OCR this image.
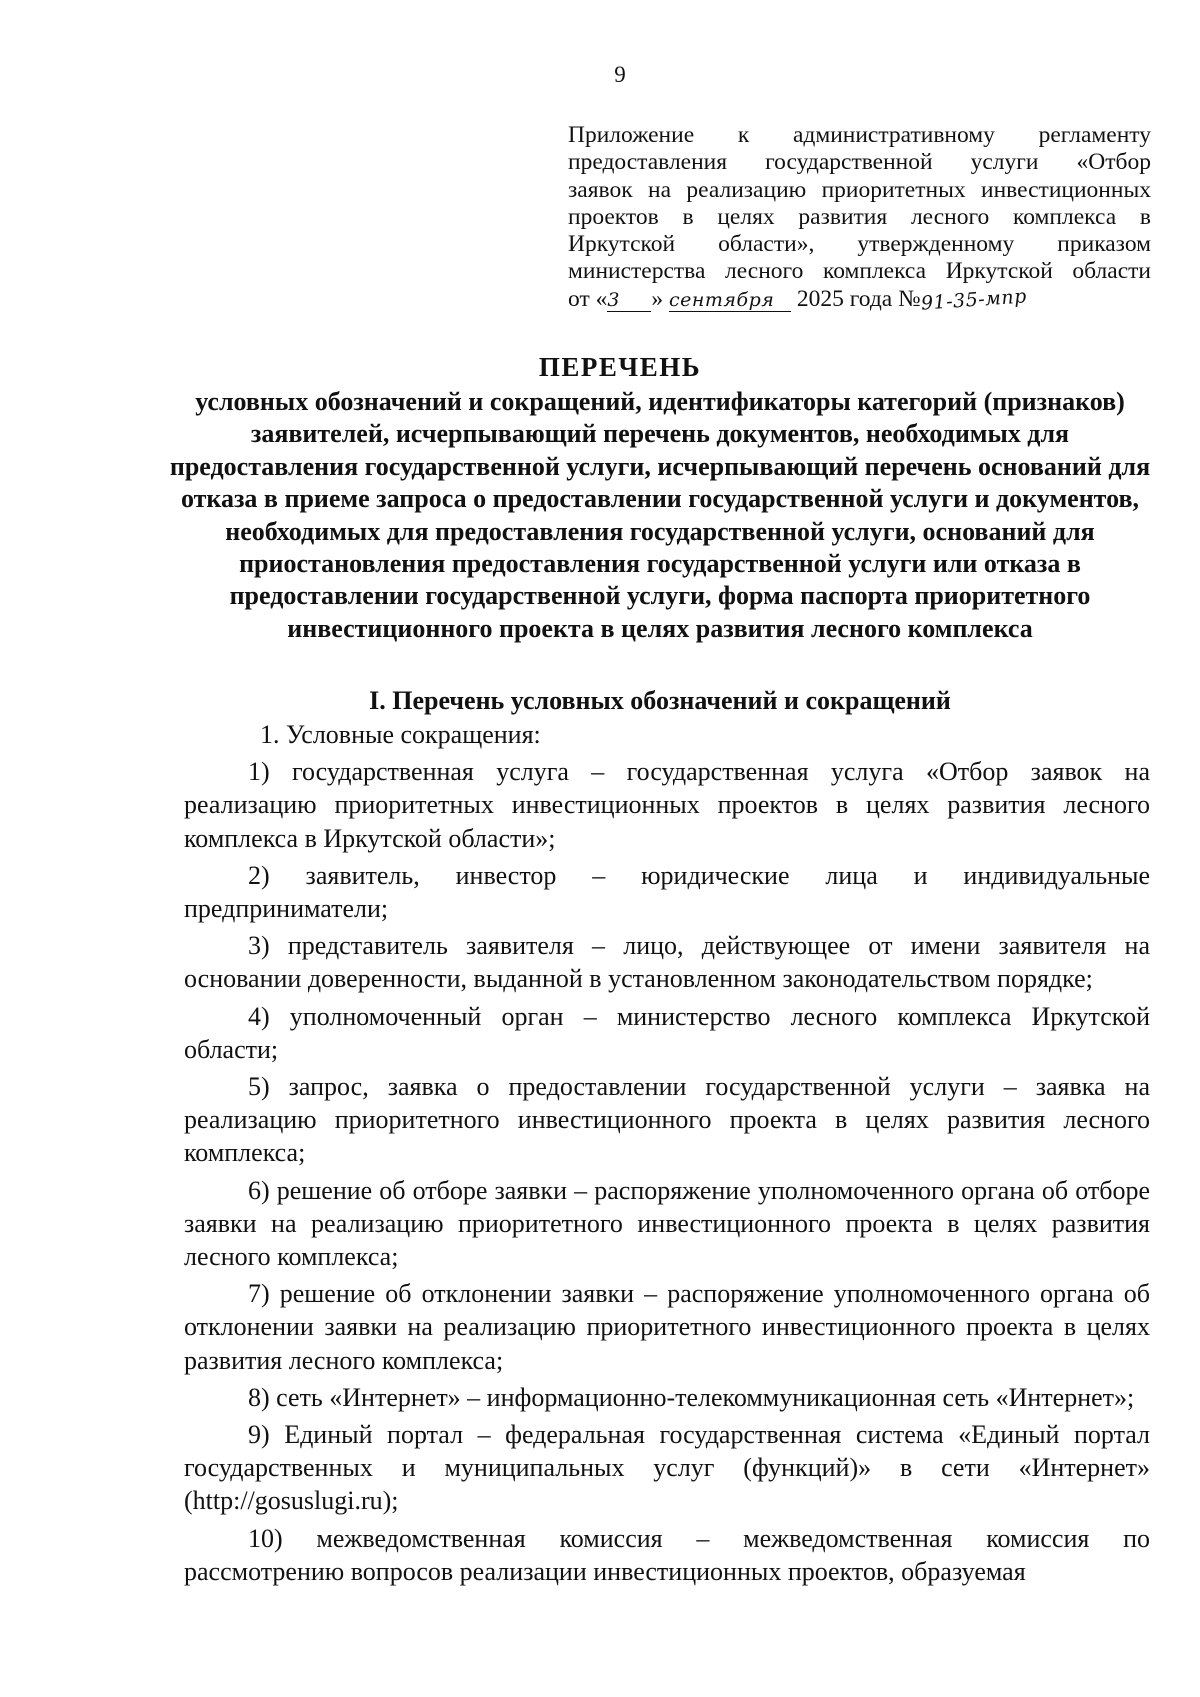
9
Приложение к административному регламенту
предоставления государственной услуги «Отбор
заявок на реализацию приоритетных инвестиционных
проектов в целях развития лесного комплекса в
Иркутской области», утвержденному приказом
министерства лесного комплекса Иркутской области
от «3 » сентября 2025 года №91-35-мпр
ПЕРЕЧЕНЬ
условных обозначений и сокращений, идентификаторы категорий (признаков) заявителей, исчерпывающий перечень документов, необходимых для предоставления государственной услуги, исчерпывающий перечень оснований для отказа в приеме запроса о предоставлении государственной услуги и документов, необходимых для предоставления государственной услуги, оснований для приостановления предоставления государственной услуги или отказа в предоставлении государственной услуги, форма паспорта приоритетного инвестиционного проекта в целях развития лесного комплекса
I. Перечень условных обозначений и сокращений

1. Условные сокращения:

1) государственная услуга – государственная услуга «Отбор заявок на реализацию приоритетных инвестиционных проектов в целях развития лесного комплекса в Иркутской области»;

2) заявитель, инвестор – юридические лица и индивидуальные предприниматели;

3) представитель заявителя – лицо, действующее от имени заявителя на основании доверенности, выданной в установленном законодательством порядке;

4) уполномоченный орган – министерство лесного комплекса Иркутской области;

5) запрос, заявка о предоставлении государственной услуги – заявка на реализацию приоритетного инвестиционного проекта в целях развития лесного комплекса;

6) решение об отборе заявки – распоряжение уполномоченного органа об отборе заявки на реализацию приоритетного инвестиционного проекта в целях развития лесного комплекса;

7) решение об отклонении заявки – распоряжение уполномоченного органа об отклонении заявки на реализацию приоритетного инвестиционного проекта в целях развития лесного комплекса;

8) сеть «Интернет» – информационно-телекоммуникационная сеть «Интернет»;

9) Единый портал – федеральная государственная система «Единый портал государственных и муниципальных услуг (функций)» в сети «Интернет» (http://gosuslugi.ru);

10) межведомственная комиссия – межведомственная комиссия по рассмотрению вопросов реализации инвестиционных проектов, образуемая
